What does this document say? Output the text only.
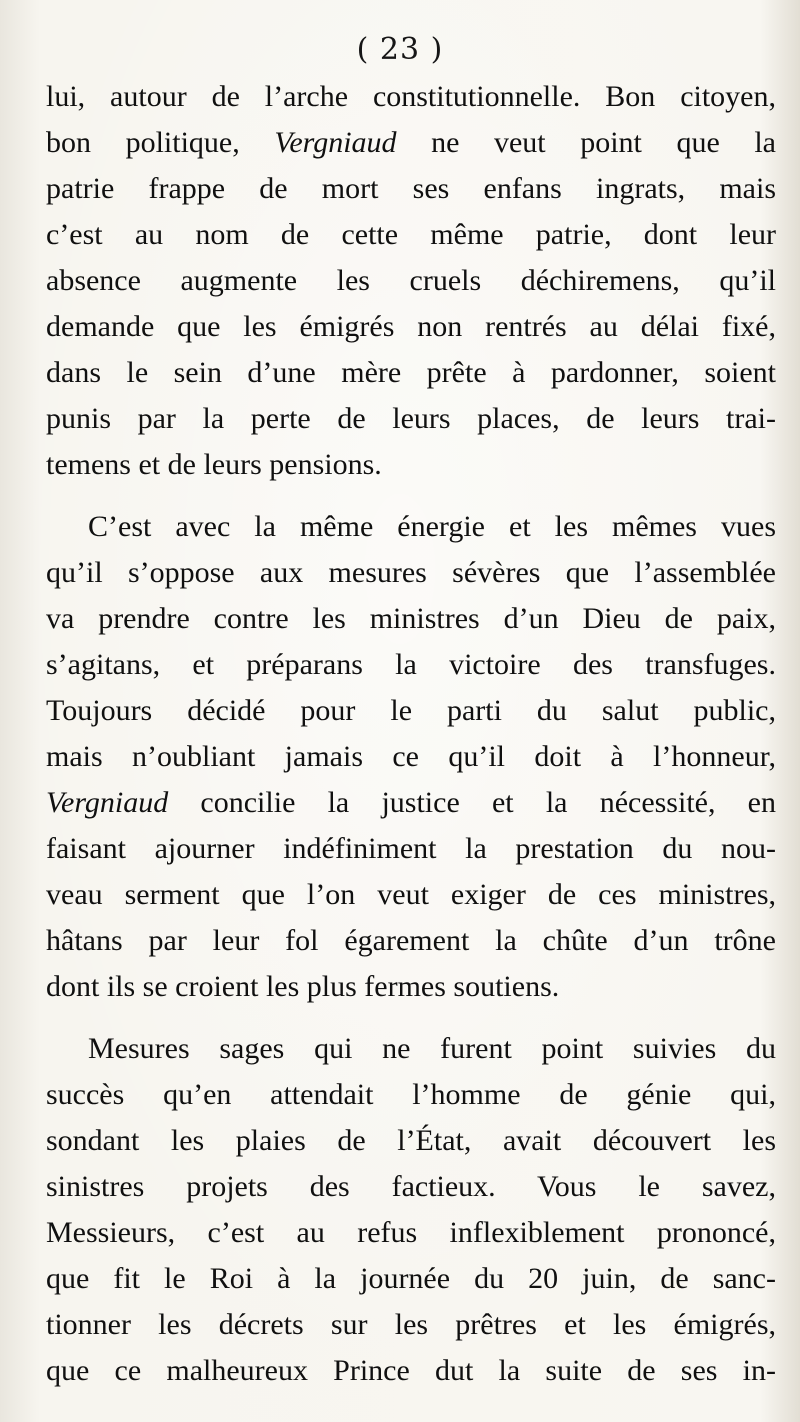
( 23 )
lui, autour de l’arche constitutionnelle. Bon citoyen,
bon politique, Vergniaud ne veut point que la
patrie frappe de mort ses enfans ingrats, mais
c’est au nom de cette même patrie, dont leur
absence augmente les cruels déchiremens, qu’il
demande que les émigrés non rentrés au délai fixé,
dans le sein d’une mère prête à pardonner, soient
punis par la perte de leurs places, de leurs trai-
temens et de leurs pensions.
C’est avec la même énergie et les mêmes vues
qu’il s’oppose aux mesures sévères que l’assemblée
va prendre contre les ministres d’un Dieu de paix,
s’agitans, et préparans la victoire des transfuges.
Toujours décidé pour le parti du salut public,
mais n’oubliant jamais ce qu’il doit à l’honneur,
Vergniaud concilie la justice et la nécessité, en
faisant ajourner indéfiniment la prestation du nou-
veau serment que l’on veut exiger de ces ministres,
hâtans par leur fol égarement la chûte d’un trône
dont ils se croient les plus fermes soutiens.
Mesures sages qui ne furent point suivies du
succès qu’en attendait l’homme de génie qui,
sondant les plaies de l’État, avait découvert les
sinistres projets des factieux. Vous le savez,
Messieurs, c’est au refus inflexiblement prononcé,
que fit le Roi à la journée du 20 juin, de sanc-
tionner les décrets sur les prêtres et les émigrés,
que ce malheureux Prince dut la suite de ses in-
